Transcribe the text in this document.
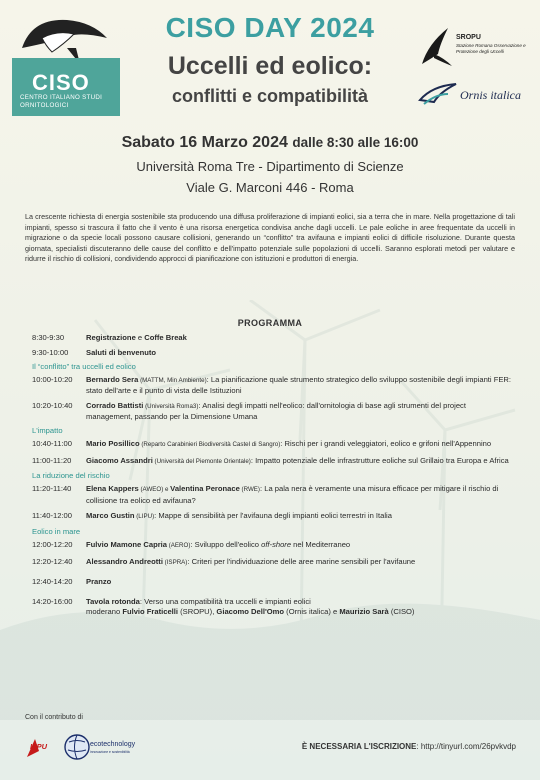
CISO
CENTRO ITALIANO STUDI ORNITOLOGICI
CISO DAY 2024
Uccelli ed eolico:
conflitti e compatibilità
SROPU
Stazione Romana Osservazione e Protezione degli Uccelli
Ornis italica
Sabato 16 Marzo 2024 dalle 8:30 alle 16:00
Università Roma Tre - Dipartimento di Scienze
Viale G. Marconi 446 - Roma
La crescente richiesta di energia sostenibile sta producendo una diffusa proliferazione di impianti eolici, sia a terra che in mare. Nella progettazione di tali impianti, spesso si trascura il fatto che il vento è una risorsa energetica condivisa anche dagli uccelli. Le pale eoliche in aree frequentate da uccelli in migrazione o da specie locali possono causare collisioni, generando un “conflitto” tra avifauna e impianti eolici di difficile risoluzione. Durante questa giornata, specialisti discuteranno delle cause del conflitto e dell'impatto potenziale sulle popolazioni di uccelli. Saranno esplorati metodi per valutare e ridurre il rischio di collisioni, condividendo approcci di pianificazione con istituzioni e produttori di energia.
PROGRAMMA
8:30-9:30	Registrazione e Coffe Break
9:30-10:00	Saluti di benvenuto
Il “conflitto” tra uccelli ed eolico
10:00-10:20	Bernardo Sera (MATTM, Min Ambiente): La pianificazione quale strumento strategico dello sviluppo sostenibile degli impianti FER: stato dell'arte e il punto di vista delle Istituzioni
10:20-10:40	Corrado Battisti (Università Roma3): Analisi degli impatti nell'eolico: dall'ornitologia di base agli strumenti del project management, passando per la Dimensione Umana
L'impatto
10:40-11:00	Mario Posillico (Reparto Carabinieri Biodiversità Castel di Sangro): Rischi per i grandi veleggiatori, eolico e grifoni nell'Appennino
11:00-11:20	Giacomo Assandri (Università del Piemonte Orientale): Impatto potenziale delle infrastrutture eoliche sul Grillaio tra Europa e Africa
La riduzione del rischio
11:20-11:40	Elena Kappers (AWEO) e Valentina Peronace (RWE): La pala nera è veramente una misura efficace per mitigare il rischio di collisione tra eolico ed avifauna?
11:40-12:00	Marco Gustin (LIPU): Mappe di sensibilità per l'avifauna degli impianti eolici terrestri in Italia
Eolico in mare
12:00-12:20	Fulvio Mamone Capria (AERO): Sviluppo dell'eolico off-shore nel Mediterraneo
12:20-12:40	Alessandro Andreotti (ISPRA): Criteri per l'individuazione delle aree marine sensibili per l'avifaune
12:40-14:20	Pranzo
14:20-16:00	Tavola rotonda: Verso una compatibilità tra uccelli e impianti eolici
moderano Fulvio Fraticelli (SROPU), Giacomo Dell'Omo (Ornis italica) e Maurizio Sarà (CISO)
Con il contributo di
LIPU	ecotechnology
innovazione e sostenibilità
È NECESSARIA L'ISCRIZIONE: http://tinyurl.com/26pvkvdp
